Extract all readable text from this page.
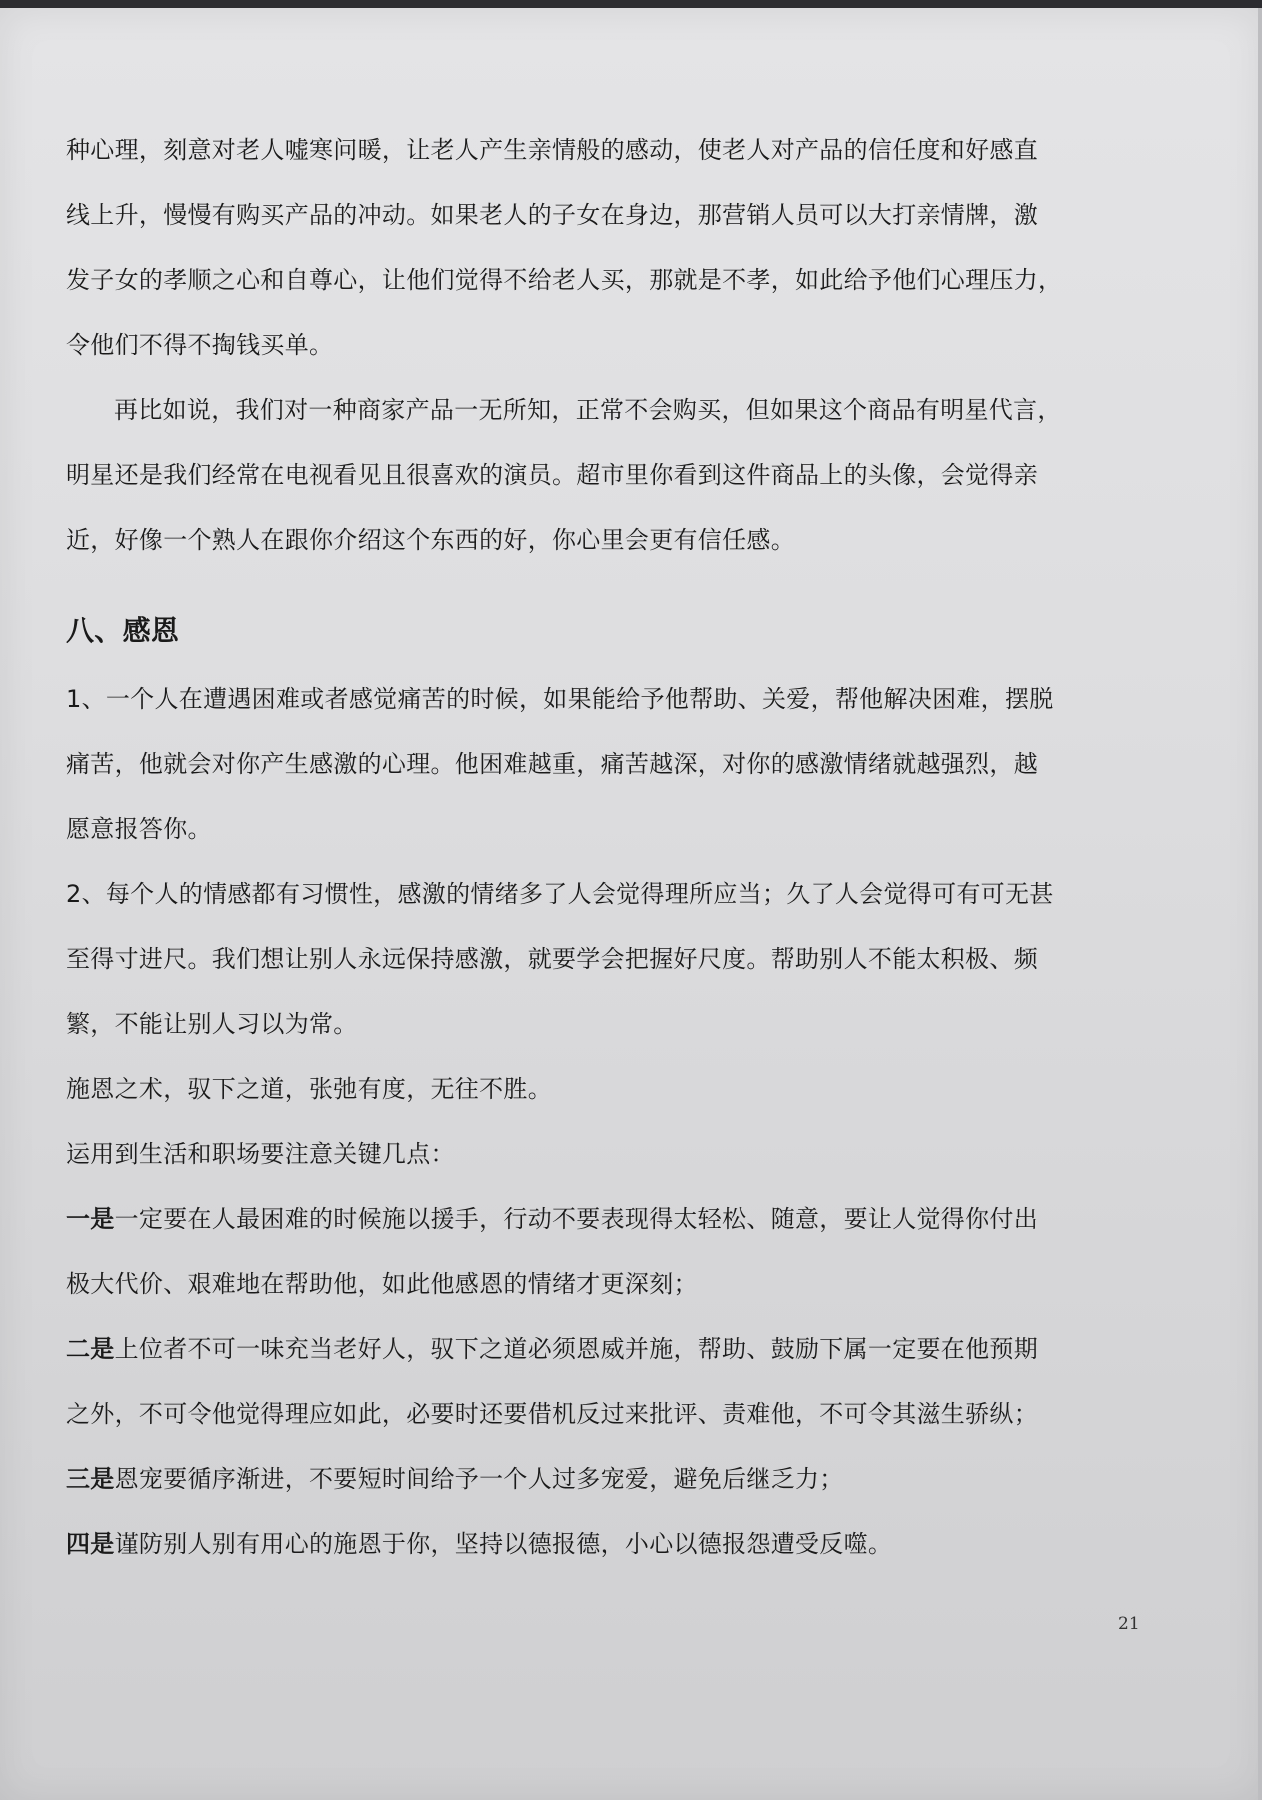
种心理，刻意对老人嘘寒问暖，让老人产生亲情般的感动，使老人对产品的信任度和好感直
线上升，慢慢有购买产品的冲动。如果老人的子女在身边，那营销人员可以大打亲情牌，激
发子女的孝顺之心和自尊心，让他们觉得不给老人买，那就是不孝，如此给予他们心理压力，
令他们不得不掏钱买单。
再比如说，我们对一种商家产品一无所知，正常不会购买，但如果这个商品有明星代言，
明星还是我们经常在电视看见且很喜欢的演员。超市里你看到这件商品上的头像，会觉得亲
近，好像一个熟人在跟你介绍这个东西的好，你心里会更有信任感。
八、感恩
1、一个人在遭遇困难或者感觉痛苦的时候，如果能给予他帮助、关爱，帮他解决困难，摆脱
痛苦，他就会对你产生感激的心理。他困难越重，痛苦越深，对你的感激情绪就越强烈，越
愿意报答你。
2、每个人的情感都有习惯性，感激的情绪多了人会觉得理所应当；久了人会觉得可有可无甚
至得寸进尺。我们想让别人永远保持感激，就要学会把握好尺度。帮助别人不能太积极、频
繁，不能让别人习以为常。
施恩之术，驭下之道，张弛有度，无往不胜。
运用到生活和职场要注意关键几点：
一是一定要在人最困难的时候施以援手，行动不要表现得太轻松、随意，要让人觉得你付出
极大代价、艰难地在帮助他，如此他感恩的情绪才更深刻；
二是上位者不可一味充当老好人，驭下之道必须恩威并施，帮助、鼓励下属一定要在他预期
之外，不可令他觉得理应如此，必要时还要借机反过来批评、责难他，不可令其滋生骄纵；
三是恩宠要循序渐进，不要短时间给予一个人过多宠爱，避免后继乏力；
四是谨防别人别有用心的施恩于你，坚持以德报德，小心以德报怨遭受反噬。
21
